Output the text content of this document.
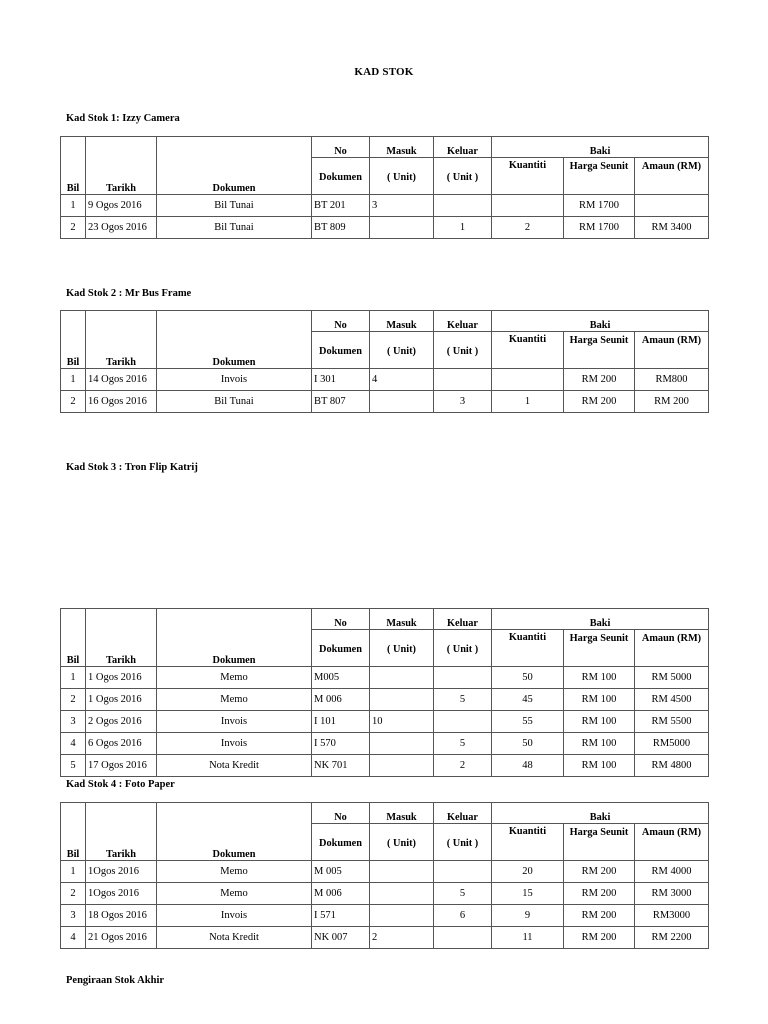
KAD STOK
Kad Stok 1: Izzy Camera
Bil	Tarikh	Dokumen	No	Masuk	Keluar	Baki		
			Dokumen	( Unit)	( Unit )	Kuantiti	Harga Seunit	Amaun (RM)
1	9 Ogos 2016	Bil Tunai	BT 201	3			RM 1700	
2	23 Ogos 2016	Bil Tunai	BT 809		1	2	RM 1700	RM 3400
Kad Stok 2 : Mr Bus Frame
Bil	Tarikh	Dokumen	No	Masuk	Keluar	Baki		
			Dokumen	( Unit)	( Unit )	Kuantiti	Harga Seunit	Amaun (RM)
1	14 Ogos 2016	Invois	I 301	4			RM 200	RM800
2	16 Ogos 2016	Bil Tunai	BT 807		3	1	RM 200	RM 200
Kad Stok 3 : Tron Flip Katrij
Bil	Tarikh	Dokumen	No	Masuk	Keluar	Baki		
			Dokumen	( Unit)	( Unit )	Kuantiti	Harga Seunit	Amaun (RM)
1	1 Ogos 2016	Memo	M005			50	RM 100	RM 5000
2	1 Ogos 2016	Memo	M 006		5	45	RM 100	RM 4500
3	2 Ogos 2016	Invois	I 101	10		55	RM 100	RM 5500
4	6 Ogos 2016	Invois	I 570		5	50	RM 100	RM5000
5	17 Ogos 2016	Nota Kredit	NK 701		2	48	RM 100	RM 4800
Kad Stok 4 : Foto Paper
Bil	Tarikh	Dokumen	No	Masuk	Keluar	Baki		
			Dokumen	( Unit)	( Unit )	Kuantiti	Harga Seunit	Amaun (RM)
1	1Ogos 2016	Memo	M 005			20	RM 200	RM 4000
2	1Ogos 2016	Memo	M 006		5	15	RM 200	RM 3000
3	18 Ogos 2016	Invois	I 571		6	9	RM 200	RM3000
4	21 Ogos 2016	Nota Kredit	NK 007	2		11	RM 200	RM 2200
Pengiraan Stok Akhir
